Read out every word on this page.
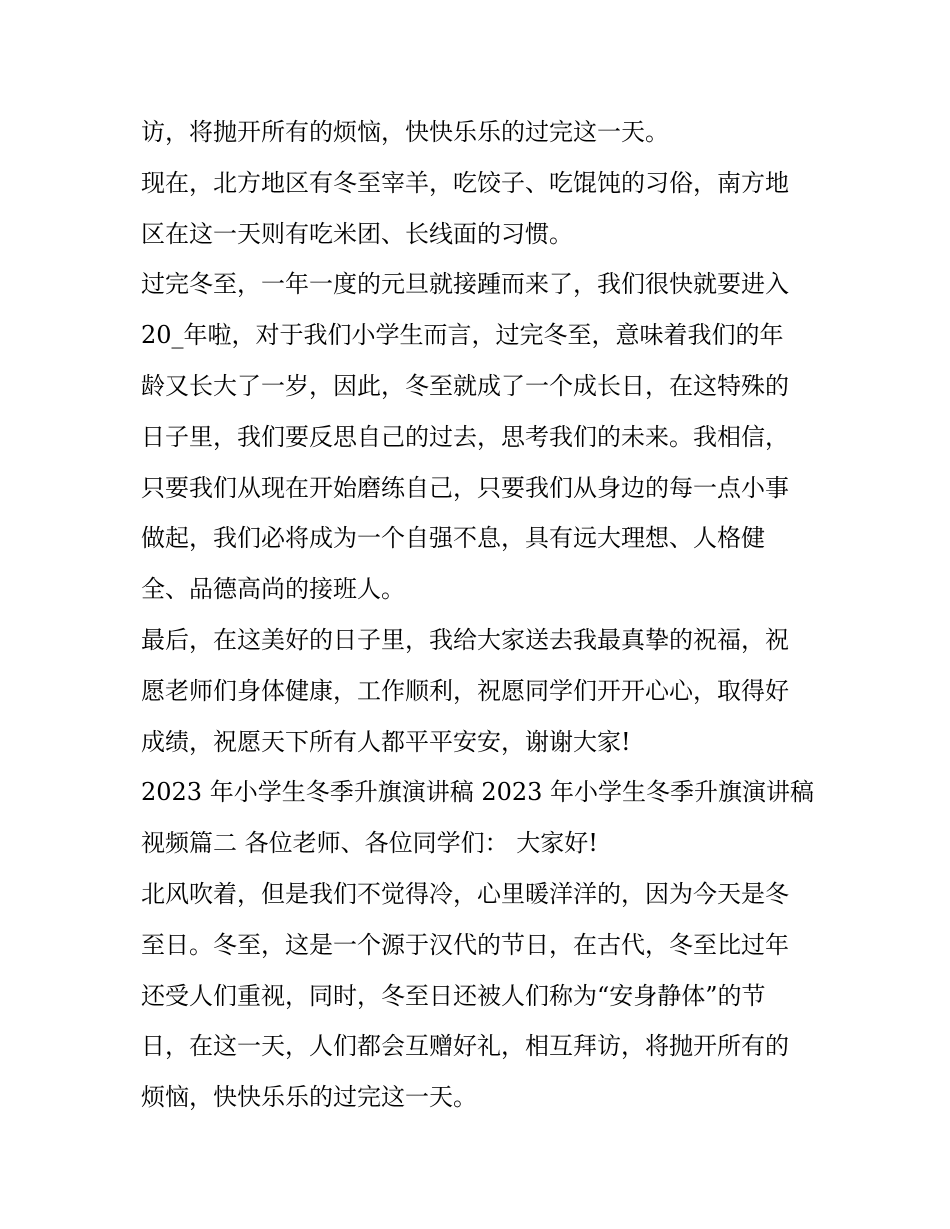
访，将抛开所有的烦恼，快快乐乐的过完这一天。
现在，北方地区有冬至宰羊，吃饺子、吃馄饨的习俗，南方地
区在这一天则有吃米团、长线面的习惯。
过完冬至，一年一度的元旦就接踵而来了，我们很快就要进入
20_年啦，对于我们小学生而言，过完冬至，意味着我们的年
龄又长大了一岁，因此，冬至就成了一个成长日，在这特殊的
日子里，我们要反思自己的过去，思考我们的未来。我相信，
只要我们从现在开始磨练自己，只要我们从身边的每一点小事
做起，我们必将成为一个自强不息，具有远大理想、人格健
全、品德高尚的接班人。
最后，在这美好的日子里，我给大家送去我最真挚的祝福，祝
愿老师们身体健康，工作顺利，祝愿同学们开开心心，取得好
成绩，祝愿天下所有人都平平安安，谢谢大家!
2023 年小学生冬季升旗演讲稿 2023 年小学生冬季升旗演讲稿
视频篇二 各位老师、各位同学们： 大家好!
北风吹着，但是我们不觉得冷，心里暖洋洋的，因为今天是冬
至日。冬至，这是一个源于汉代的节日，在古代，冬至比过年
还受人们重视，同时，冬至日还被人们称为“安身静体”的节
日，在这一天，人们都会互赠好礼，相互拜访，将抛开所有的
烦恼，快快乐乐的过完这一天。
